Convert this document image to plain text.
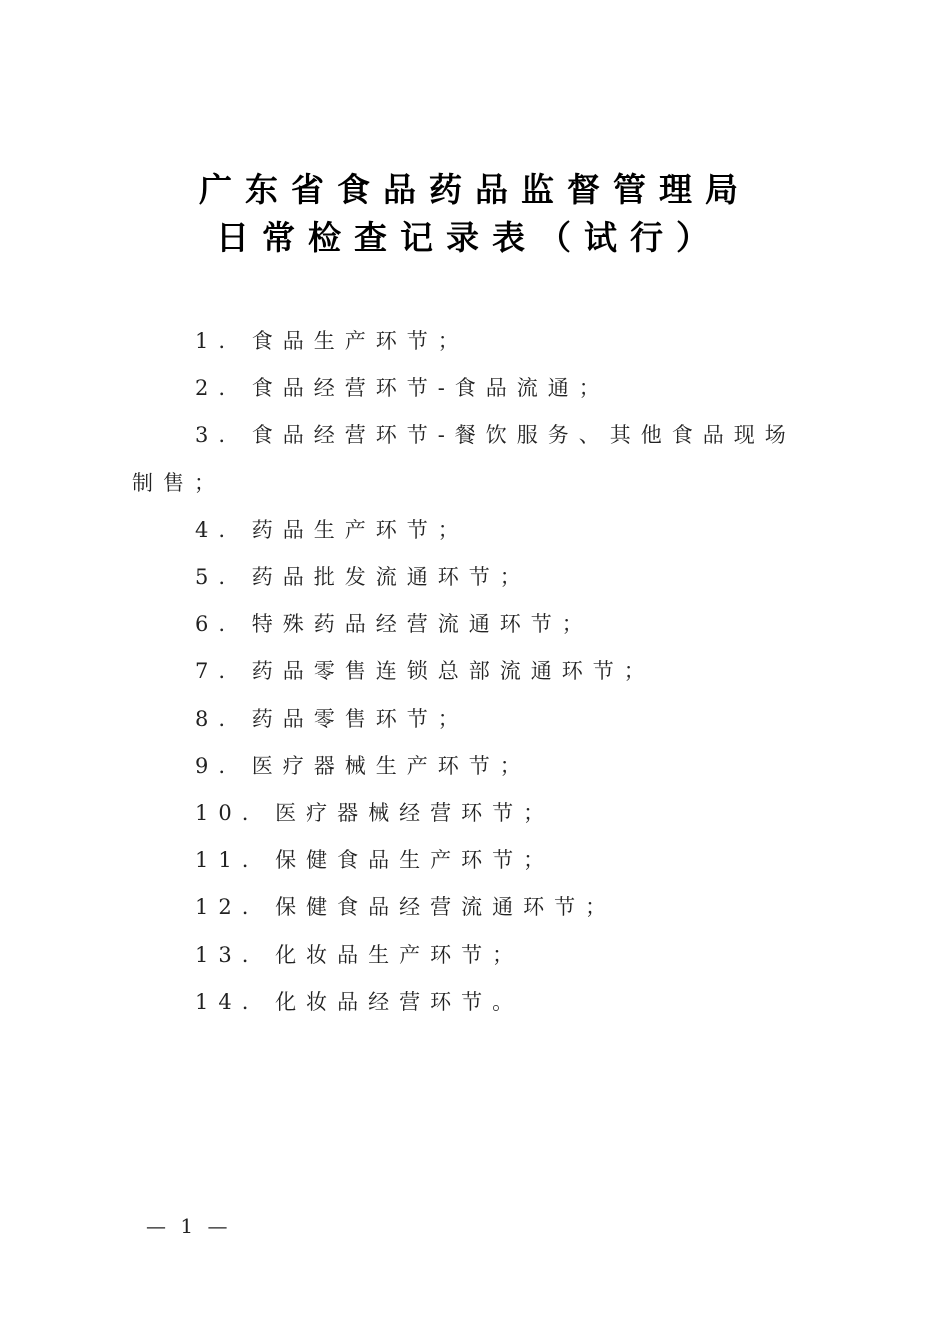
广东省食品药品监督管理局
日常检查记录表（试行）
1. 食品生产环节；
2. 食品经营环节-食品流通；
3. 食品经营环节-餐饮服务、其他食品现场制售；
4. 药品生产环节；
5. 药品批发流通环节；
6. 特殊药品经营流通环节；
7. 药品零售连锁总部流通环节；
8. 药品零售环节；
9. 医疗器械生产环节；
10. 医疗器械经营环节；
11. 保健食品生产环节；
12. 保健食品经营流通环节；
13. 化妆品生产环节；
14. 化妆品经营环节。
— 1 —
